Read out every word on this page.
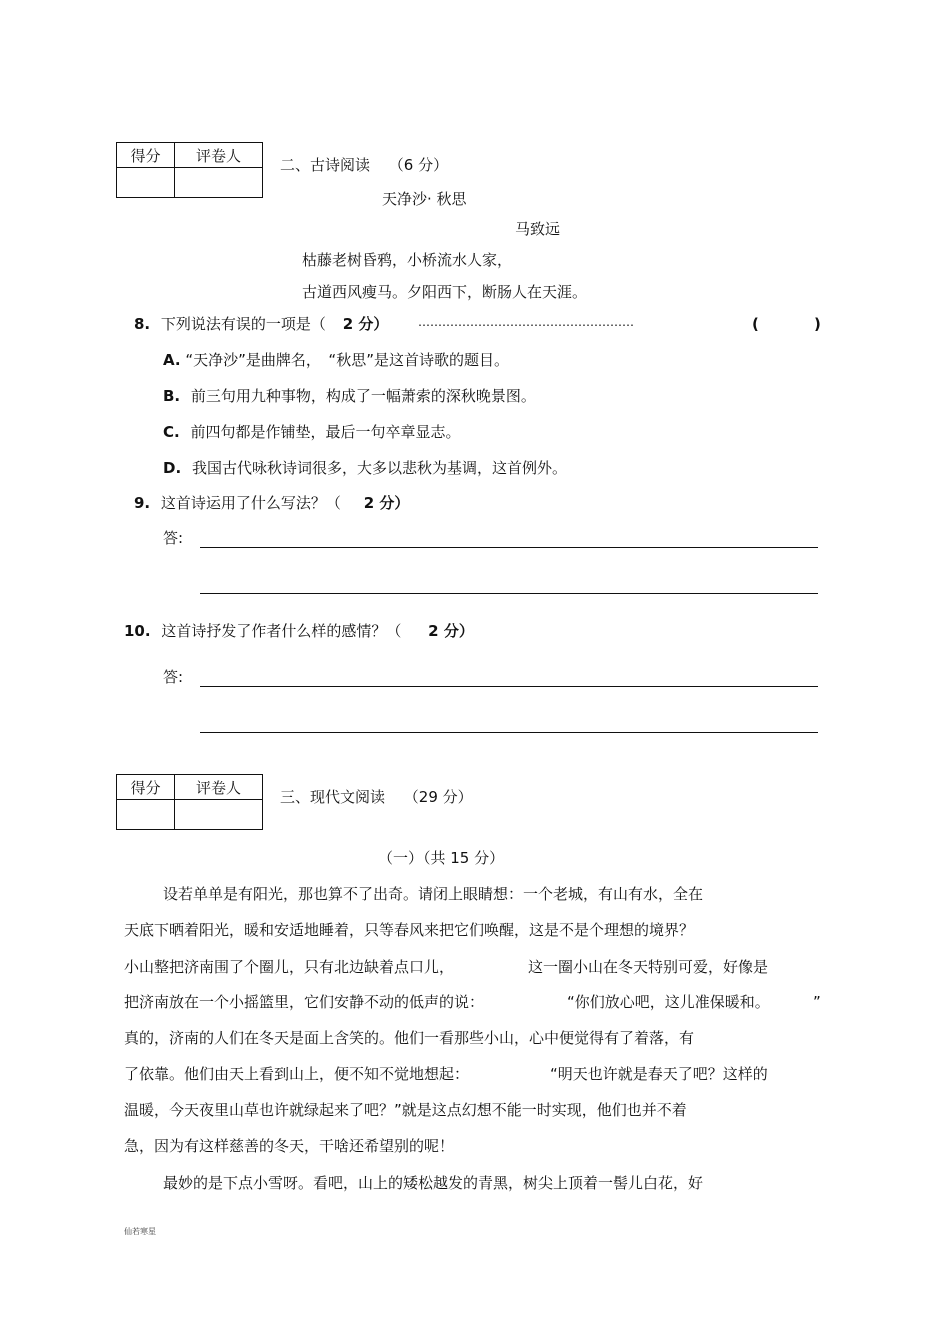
得分	评卷人

二、古诗阅读 （6 分）
天净沙· 秋思
马致远
枯藤老树昏鸦，小桥流水人家，
古道西风瘦马。夕阳西下，断肠人在天涯。
8. 下列说法有误的一项是（ 2 分） ………………………………………………	(	)
A. “天净沙”是曲牌名，　“秋思”是这首诗歌的题目。
B. 前三句用九种事物，构成了一幅萧索的深秋晚景图。
C. 前四句都是作铺垫，最后一句卒章显志。
D. 我国古代咏秋诗词很多，大多以悲秋为基调，这首例外。
9. 这首诗运用了什么写法？（ 2 分）
答:
10. 这首诗抒发了作者什么样的感情？（ 2 分）
答:
得分	评卷人

三、现代文阅读 （29 分）
（一）（共 15 分）
设若单单是有阳光，那也算不了出奇。请闭上眼睛想：一个老城，有山有水，全在
天底下晒着阳光，暖和安适地睡着，只等春风来把它们唤醒，这是不是个理想的境界？
小山整把济南围了个圈儿，只有北边缺着点口儿，	这一圈小山在冬天特别可爱，好像是
把济南放在一个小摇篮里，它们安静不动的低声的说：	“你们放心吧，这儿准保暖和。	”
真的，济南的人们在冬天是面上含笑的。他们一看那些小山，心中便觉得有了着落，有
了依靠。他们由天上看到山上，便不知不觉地想起：	“明天也许就是春天了吧？这样的
温暖，今天夜里山草也许就绿起来了吧？”就是这点幻想不能一时实现，他们也并不着
急，因为有这样慈善的冬天，干啥还希望别的呢！
最妙的是下点小雪呀。看吧，山上的矮松越发的青黑，树尖上顶着一髻儿白花，好
仙若寒星
